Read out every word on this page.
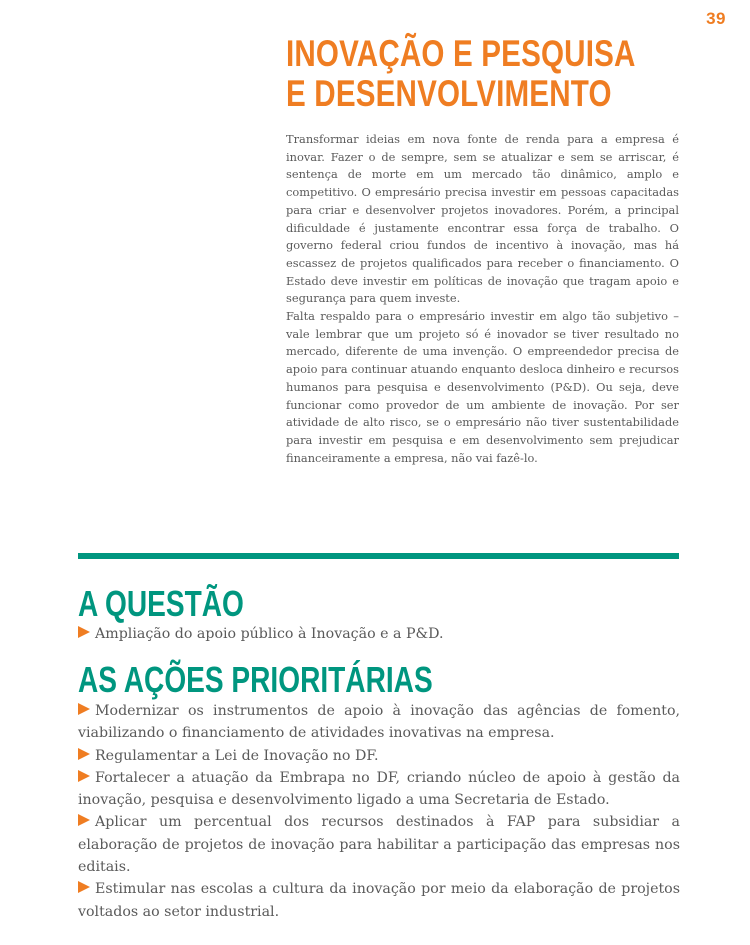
39
INOVAÇÃO E PESQUISA
E DESENVOLVIMENTO

Transformar ideias em nova fonte de renda para a empresa é inovar. Fazer o de sempre, sem se atualizar e sem se arriscar, é sentença de morte em um mercado tão dinâmico, amplo e competitivo. O empresário precisa investir em pessoas capacitadas para criar e desenvolver projetos inovadores. Porém, a principal dificuldade é justamente encontrar essa força de trabalho. O governo federal criou fundos de incentivo à inovação, mas há escassez de projetos qualificados para receber o financiamento. O Estado deve investir em políticas de inovação que tragam apoio e segurança para quem investe.

Falta respaldo para o empresário investir em algo tão subjetivo – vale lembrar que um projeto só é inovador se tiver resultado no mercado, diferente de uma invenção. O empreendedor precisa de apoio para continuar atuando enquanto desloca dinheiro e recursos humanos para pesquisa e desenvolvimento (P&D). Ou seja, deve funcionar como provedor de um ambiente de inovação. Por ser atividade de alto risco, se o empresário não tiver sustentabilidade para investir em pesquisa e em desenvolvimento sem prejudicar financeiramente a empresa, não vai fazê-lo.

A QUESTÃO
Ampliação do apoio público à Inovação e a P&D.
AS AÇÕES PRIORITÁRIAS
Modernizar os instrumentos de apoio à inovação das agências de fomento, viabilizando o financiamento de atividades inovativas na empresa.
Regulamentar a Lei de Inovação no DF.
Fortalecer a atuação da Embrapa no DF, criando núcleo de apoio à gestão da inovação, pesquisa e desenvolvimento ligado a uma Secretaria de Estado.
Aplicar um percentual dos recursos destinados à FAP para subsidiar a elaboração de projetos de inovação para habilitar a participação das empresas nos editais.
Estimular nas escolas a cultura da inovação por meio da elaboração de projetos voltados ao setor industrial.
